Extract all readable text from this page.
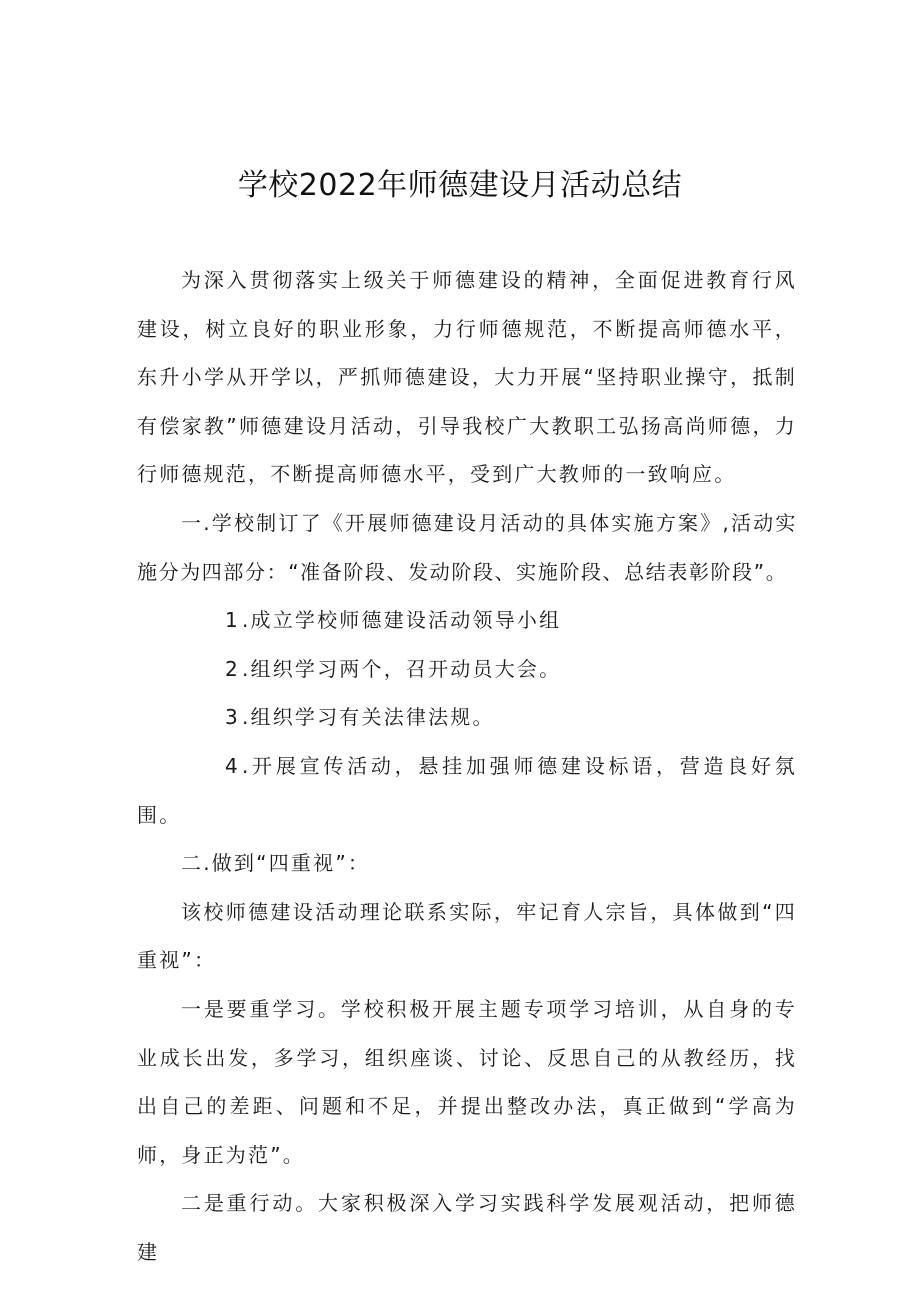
学校2022年师德建设月活动总结

为深入贯彻落实上级关于师德建设的精神，全面促进教育行风建设，树立良好的职业形象，力行师德规范，不断提高师德水平，东升小学从开学以，严抓师德建设，大力开展“坚持职业操守，抵制有偿家教”师德建设月活动，引导我校广大教职工弘扬高尚师德，力行师德规范，不断提高师德水平，受到广大教师的一致响应。

一.学校制订了《开展师德建设月活动的具体实施方案》,活动实施分为四部分：“准备阶段、发动阶段、实施阶段、总结表彰阶段”。

1 .成立学校师德建设活动领导小组

2 .组织学习两个，召开动员大会。

3 .组织学习有关法律法规。

4 .开展宣传活动，悬挂加强师德建设标语，营造良好氛围。

二.做到“四重视”：

该校师德建设活动理论联系实际，牢记育人宗旨，具体做到“四重视”：

一是要重学习。学校积极开展主题专项学习培训，从自身的专业成长出发，多学习，组织座谈、讨论、反思自己的从教经历，找出自己的差距、问题和不足，并提出整改办法，真正做到“学高为师，身正为范”。

二是重行动。大家积极深入学习实践科学发展观活动，把师德建
